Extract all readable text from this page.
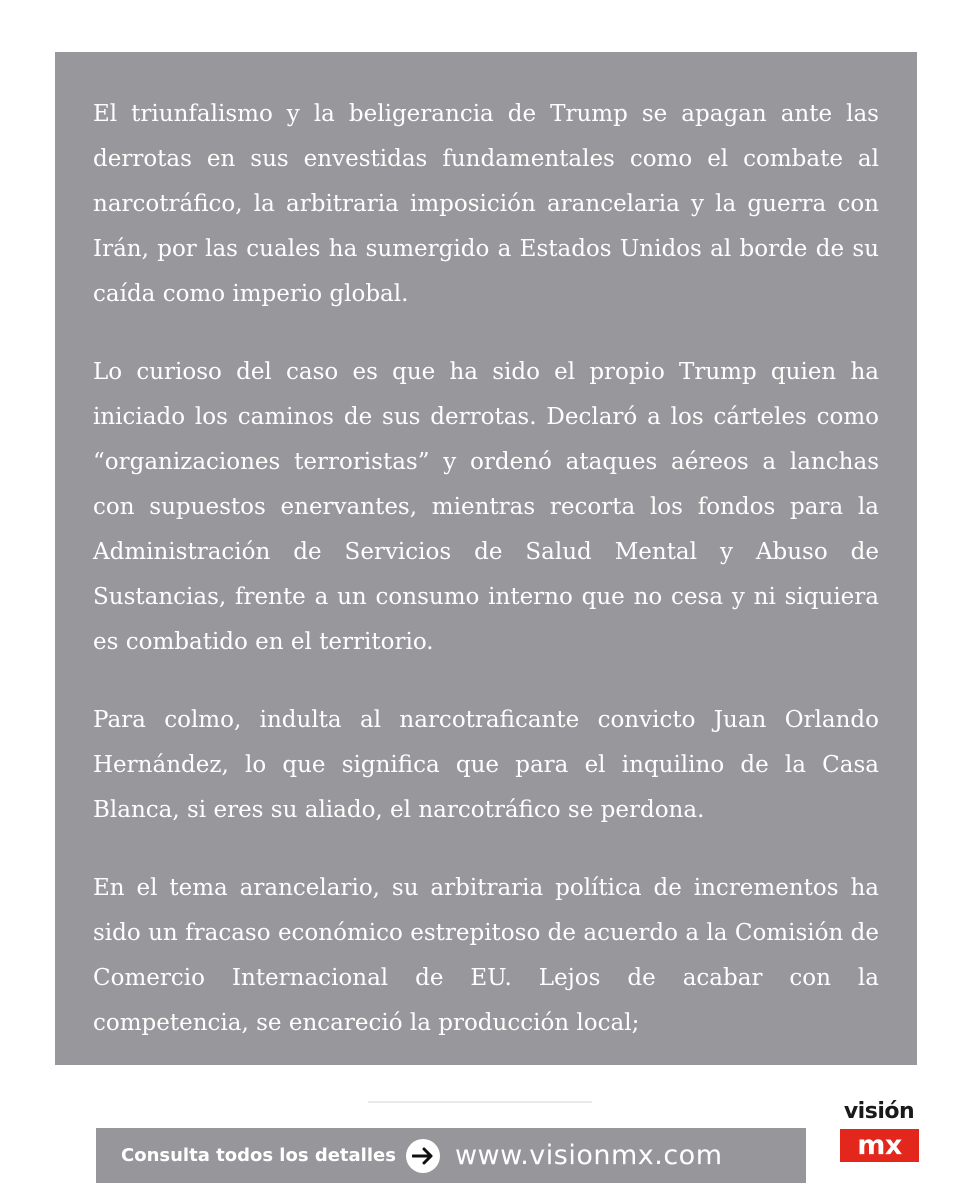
El triunfalismo y la beligerancia de Trump se apagan ante las derrotas en sus envestidas fundamentales como el combate al narcotráfico, la arbitraria imposición arancelaria y la guerra con Irán, por las cuales ha sumergido a Estados Unidos al borde de su caída como imperio global.

Lo curioso del caso es que ha sido el propio Trump quien ha iniciado los caminos de sus derrotas. Declaró a los cárteles como “organizaciones terroristas” y ordenó ataques aéreos a lanchas con supuestos enervantes, mientras recorta los fondos para la Administración de Servicios de Salud Mental y Abuso de Sustancias, frente a un consumo interno que no cesa y ni siquiera es combatido en el territorio.

Para colmo, indulta al narcotraficante convicto Juan Orlando Hernández, lo que significa que para el inquilino de la Casa Blanca, si eres su aliado, el narcotráfico se perdona.

En el tema arancelario, su arbitraria política de incrementos ha sido un fracaso económico estrepitoso de acuerdo a la Comisión de Comercio Internacional de EU. Lejos de acabar con la competencia, se encareció la producción local;

Consulta todos los detalles www.visionmx.com
visión
mx
